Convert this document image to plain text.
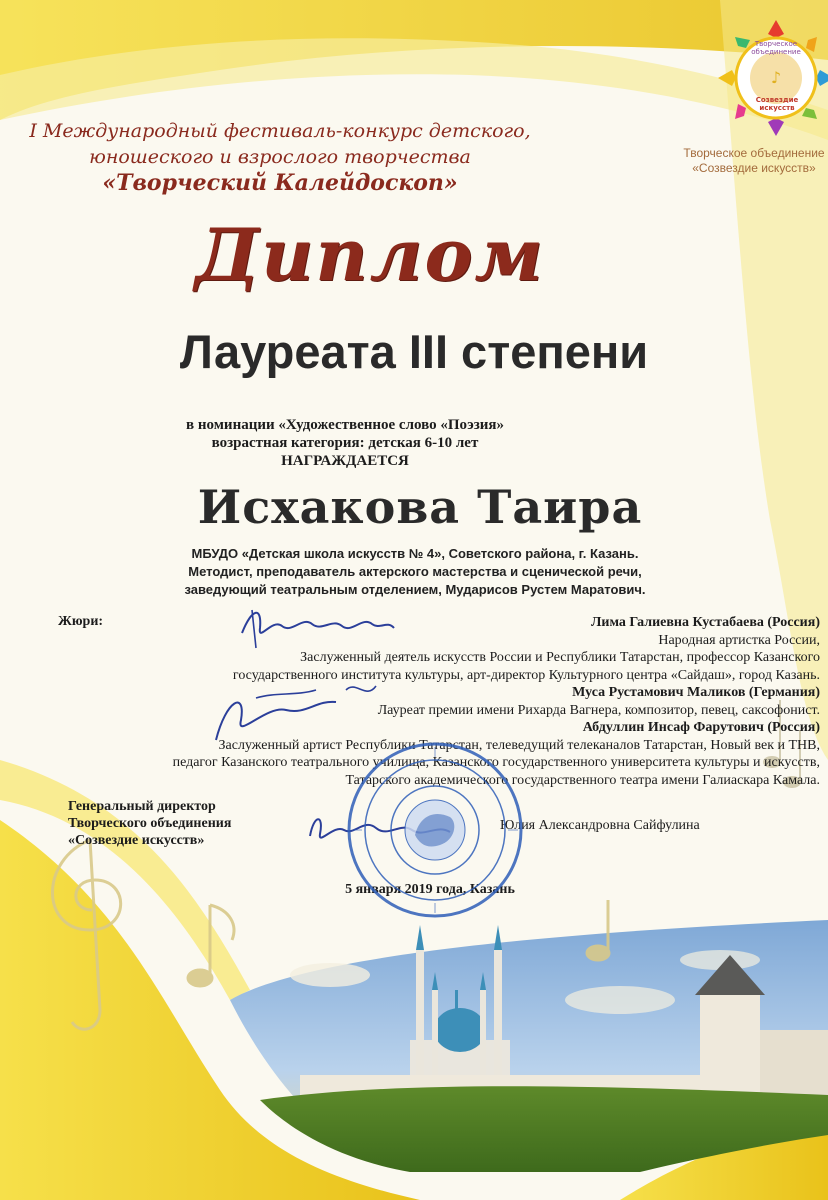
♪
Творческое объединение
Созвездие искусств
Творческое объединение
«Созвездие искусств»
I Международный фестиваль-конкурс детского,
юношеского и взрослого творчества
«Творческий Калейдоскоп»
Диплом
Лауреата III степени
в номинации «Художественное слово «Поэзия»
возрастная категория: детская 6-10 лет
НАГРАЖДАЕТСЯ
Исхакова Таира
МБУДО «Детская школа искусств № 4», Советского района, г. Казань.
Методист, преподаватель актерского мастерства и сценической речи,
заведующий театральным отделением, Мударисов Рустем Маратович.
Жюри:	Лима Галиевна Кустабаева (Россия)
Народная артистка России,
Заслуженный деятель искусств России и Республики Татарстан, профессор Казанского
государственного института культуры, арт-директор Культурного центра «Сайдаш», город Казань.
Муса Рустамович Маликов (Германия)
Лауреат премии имени Рихарда Вагнера, композитор, певец, саксофонист.
Абдуллин Инсаф Фарутович (Россия)
Заслуженный артист Республики Татарстан, телеведущий телеканалов Татарстан, Новый век и ТНВ,
педагог Казанского театрального училища, Казанского государственного университета культуры и искусств,
Татарского академического государственного театра имени Галиаскара Камала.
Генеральный директор
Творческого объединения
«Созвездие искусств»
Юлия Александровна Сайфулина
5 января 2019 года, Казань
